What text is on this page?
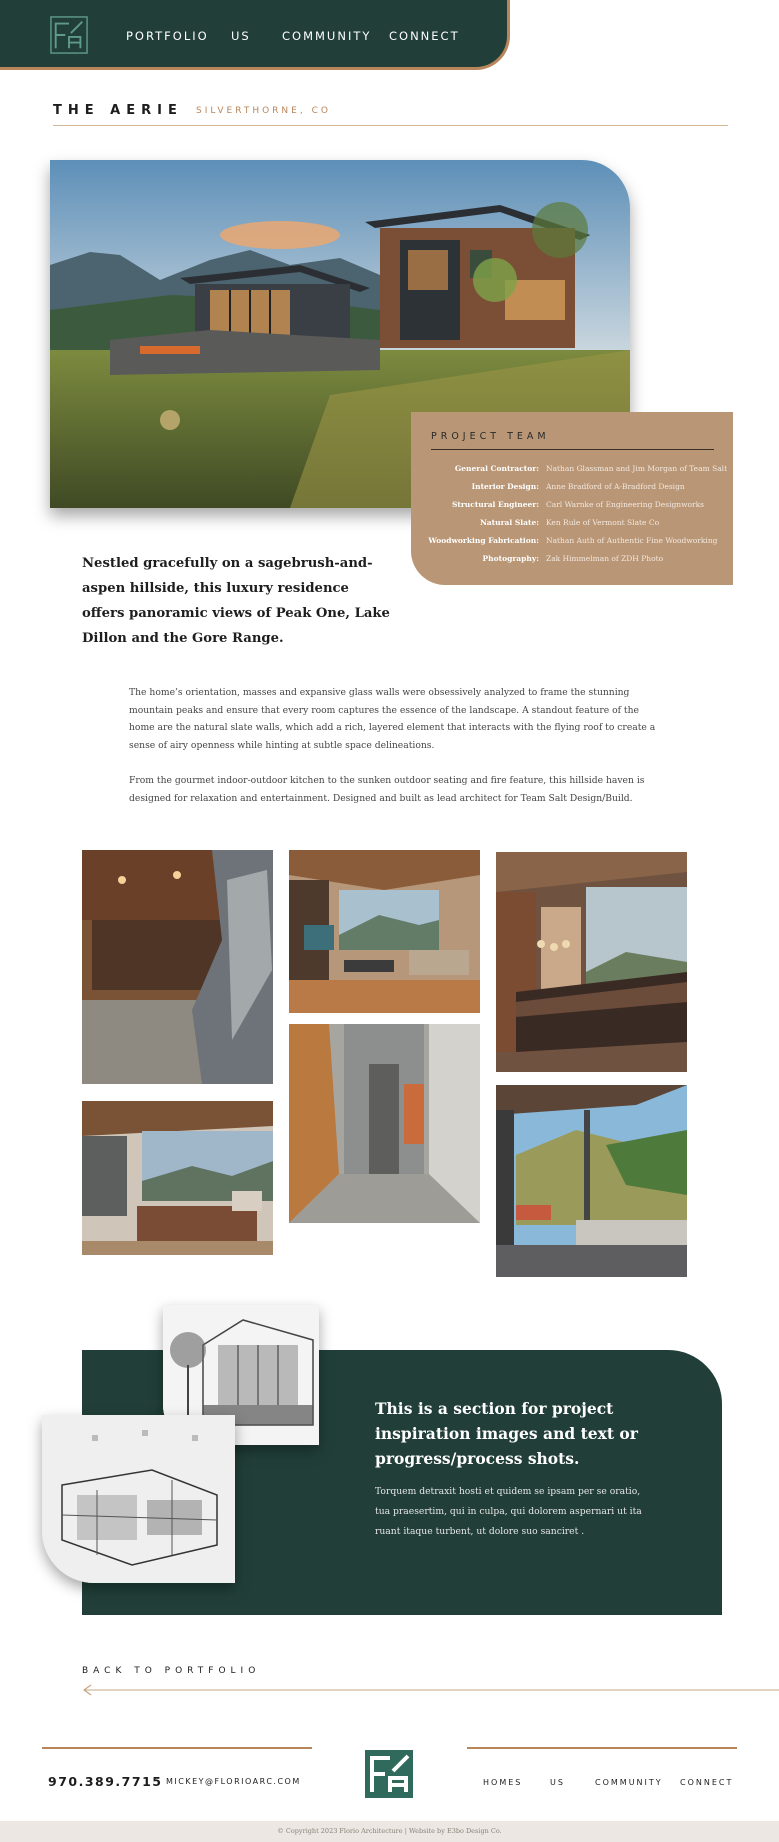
PORTFOLIO US	COMMUNITY CONNECT
THE AERIE SILVERTHORNE, CO
PROJECT TEAM
General Contractor: Nathan Glassman and Jim Morgan of Team Salt
Interior Design: Anne Bradford of A-Bradford Design
Structural Engineer: Carl Warnke of Engineering Designworks
Natural Slate: Ken Rule of Vermont Slate Co
Woodworking Fabrication: Nathan Auth of Authentic Fine Woodworking
Photography: Zak Himmelman of ZDH Photo
Nestled gracefully on a sagebrush-and-aspen hillside, this luxury residence offers panoramic views of Peak One, Lake Dillon and the Gore Range.

The home’s orientation, masses and expansive glass walls were obsessively analyzed to frame the stunning mountain peaks and ensure that every room captures the essence of the landscape. A standout feature of the home are the natural slate walls, which add a rich, layered element that interacts with the flying roof to create a sense of airy openness while hinting at subtle space delineations.

From the gourmet indoor-outdoor kitchen to the sunken outdoor seating and fire feature, this hillside haven is designed for relaxation and entertainment. Designed and built as lead architect for Team Salt Design/Build.

This is a section for project inspiration images and text or progress/process shots.
Torquem detraxit hosti et quidem se ipsam per se oratio, tua praesertim, qui in culpa, qui dolorem aspernari ut ita ruant itaque turbent, ut dolore suo sanciret .
BACK TO PORTFOLIO
970.389.7715 MICKEY@FLORIOARC.COM	HOMES	US	COMMUNITY CONNECT
© Copyright 2023 Florio Architecture | Website by E3bo Design Co.
